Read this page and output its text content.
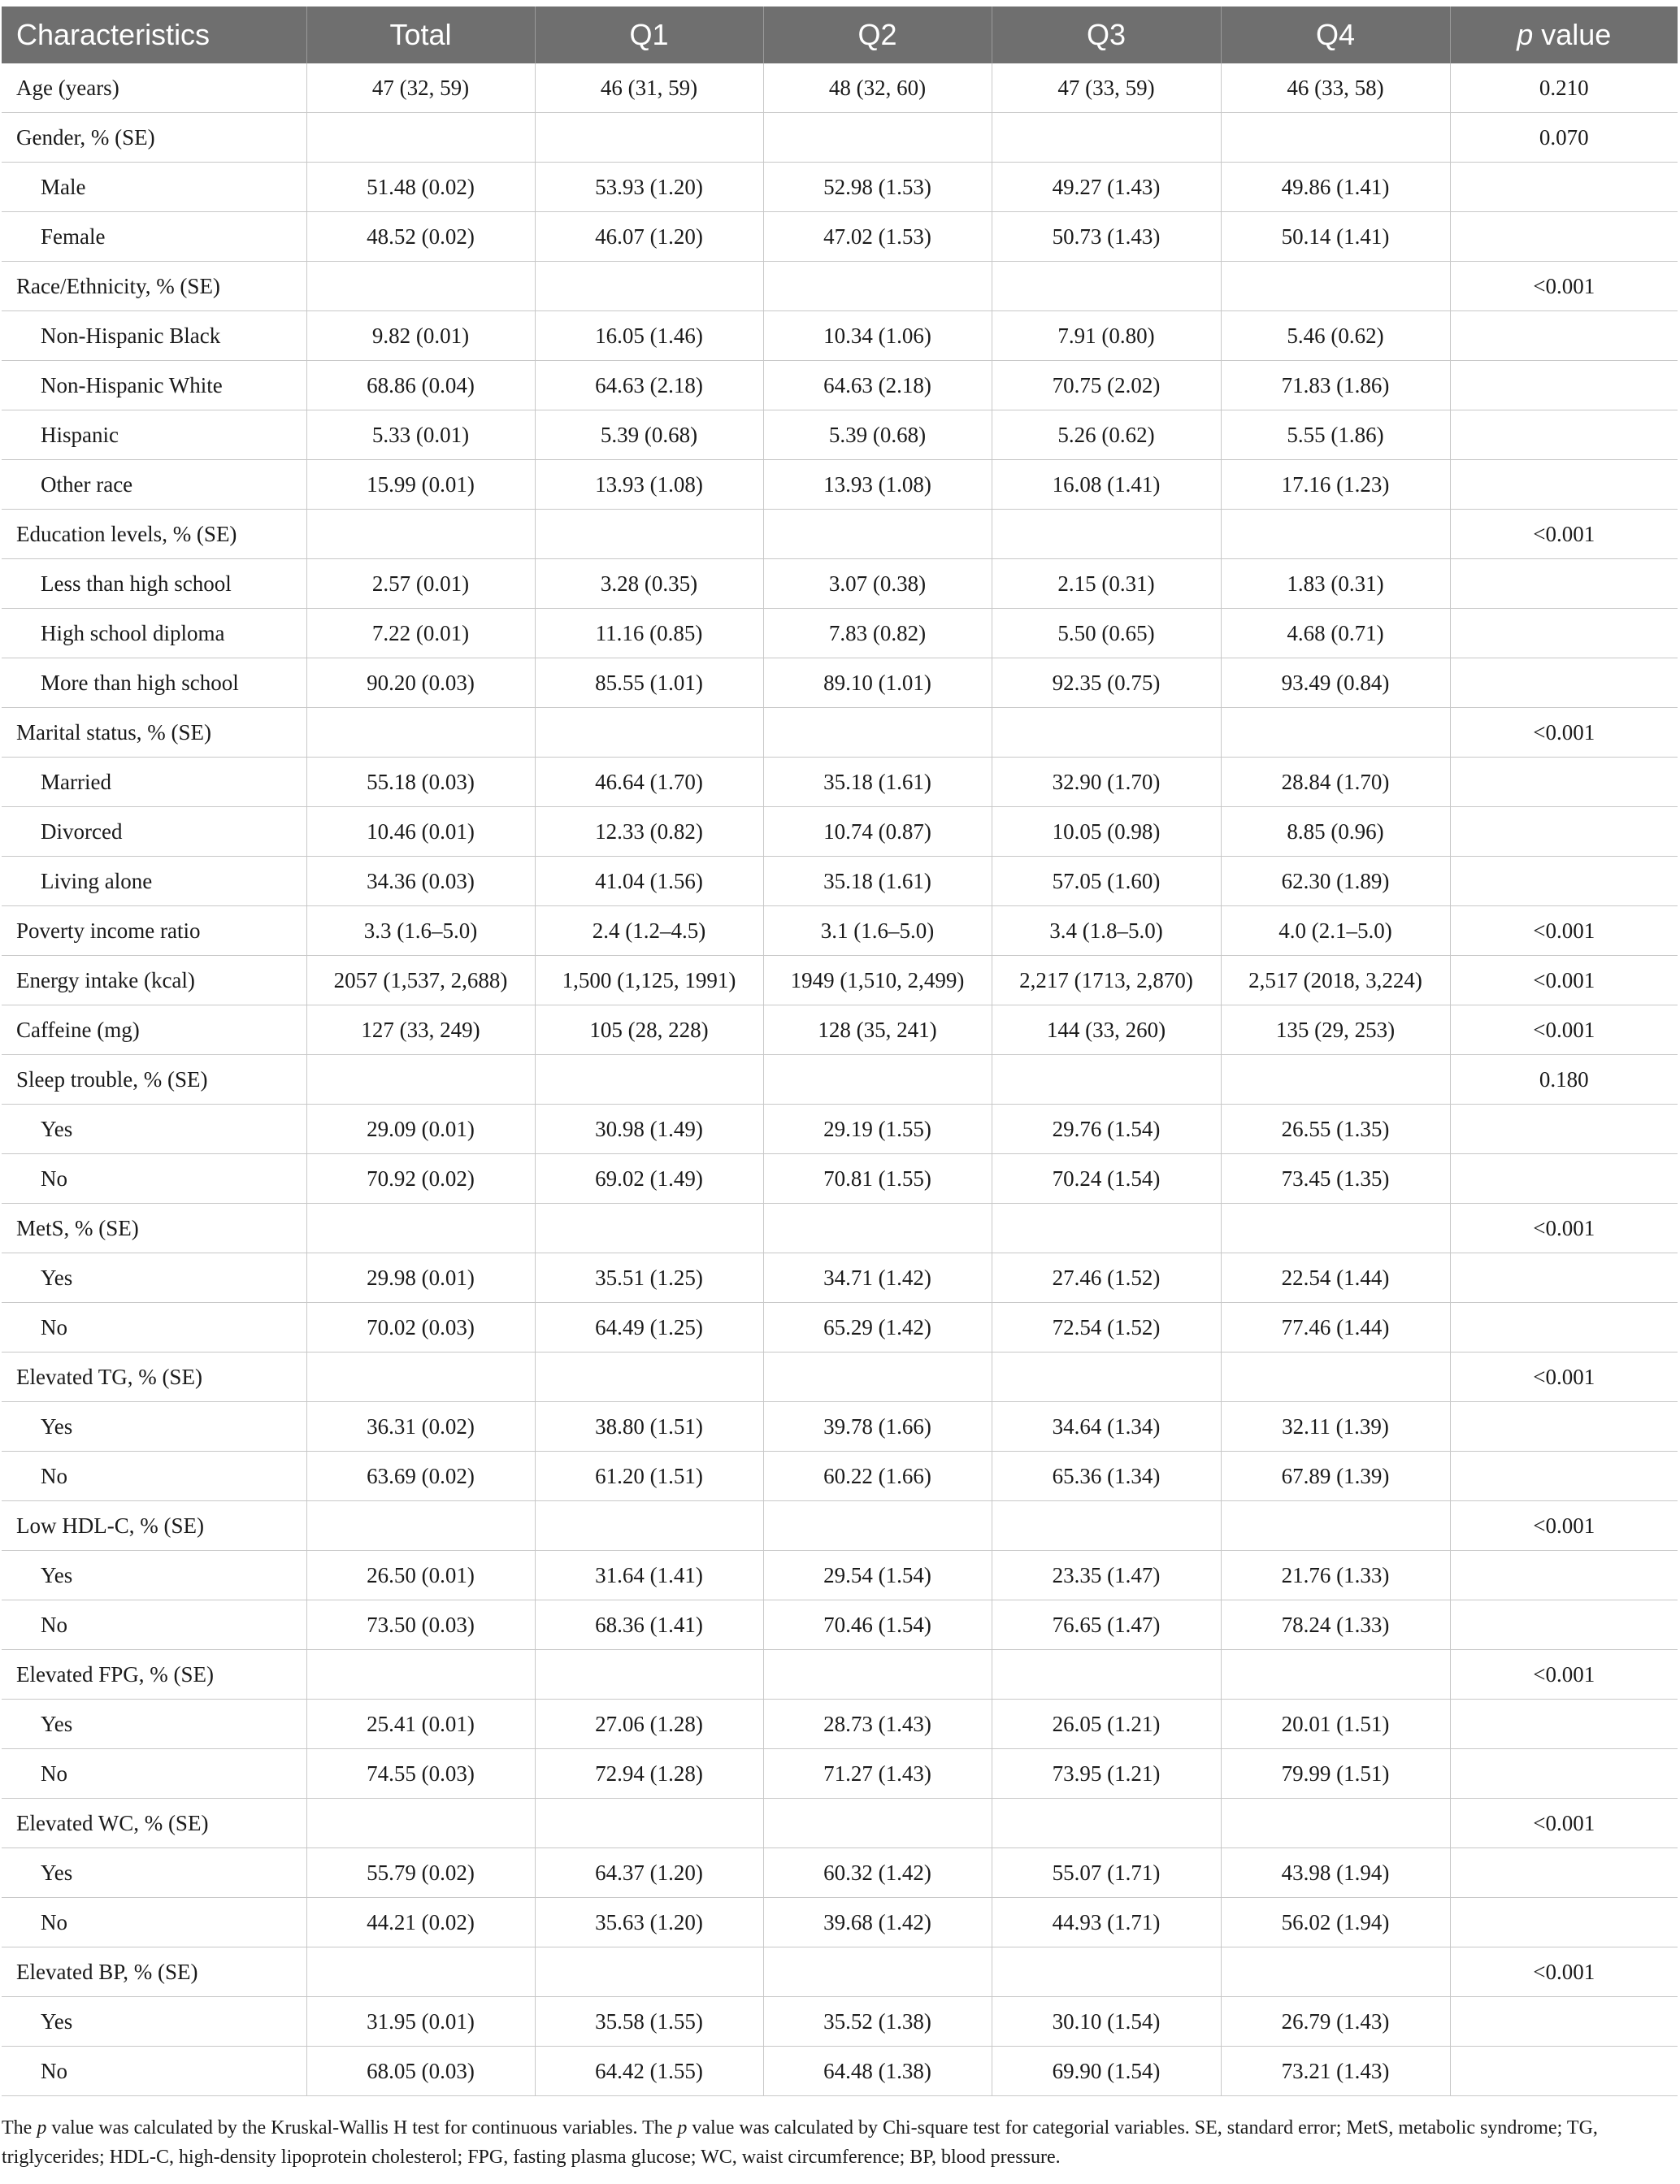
Characteristics	Total	Q1	Q2	Q3	Q4	p value
Age (years)	47 (32, 59)	46 (31, 59)	48 (32, 60)	47 (33, 59)	46 (33, 58)	0.210
Gender, % (SE)						0.070
Male	51.48 (0.02)	53.93 (1.20)	52.98 (1.53)	49.27 (1.43)	49.86 (1.41)	
Female	48.52 (0.02)	46.07 (1.20)	47.02 (1.53)	50.73 (1.43)	50.14 (1.41)	
Race/Ethnicity, % (SE)						<0.001
Non-Hispanic Black	9.82 (0.01)	16.05 (1.46)	10.34 (1.06)	7.91 (0.80)	5.46 (0.62)	
Non-Hispanic White	68.86 (0.04)	64.63 (2.18)	64.63 (2.18)	70.75 (2.02)	71.83 (1.86)	
Hispanic	5.33 (0.01)	5.39 (0.68)	5.39 (0.68)	5.26 (0.62)	5.55 (1.86)	
Other race	15.99 (0.01)	13.93 (1.08)	13.93 (1.08)	16.08 (1.41)	17.16 (1.23)	
Education levels, % (SE)						<0.001
Less than high school	2.57 (0.01)	3.28 (0.35)	3.07 (0.38)	2.15 (0.31)	1.83 (0.31)	
High school diploma	7.22 (0.01)	11.16 (0.85)	7.83 (0.82)	5.50 (0.65)	4.68 (0.71)	
More than high school	90.20 (0.03)	85.55 (1.01)	89.10 (1.01)	92.35 (0.75)	93.49 (0.84)	
Marital status, % (SE)						<0.001
Married	55.18 (0.03)	46.64 (1.70)	35.18 (1.61)	32.90 (1.70)	28.84 (1.70)	
Divorced	10.46 (0.01)	12.33 (0.82)	10.74 (0.87)	10.05 (0.98)	8.85 (0.96)	
Living alone	34.36 (0.03)	41.04 (1.56)	35.18 (1.61)	57.05 (1.60)	62.30 (1.89)	
Poverty income ratio	3.3 (1.6–5.0)	2.4 (1.2–4.5)	3.1 (1.6–5.0)	3.4 (1.8–5.0)	4.0 (2.1–5.0)	<0.001
Energy intake (kcal)	2057 (1,537, 2,688)	1,500 (1,125, 1991)	1949 (1,510, 2,499)	2,217 (1713, 2,870)	2,517 (2018, 3,224)	<0.001
Caffeine (mg)	127 (33, 249)	105 (28, 228)	128 (35, 241)	144 (33, 260)	135 (29, 253)	<0.001
Sleep trouble, % (SE)						0.180
Yes	29.09 (0.01)	30.98 (1.49)	29.19 (1.55)	29.76 (1.54)	26.55 (1.35)	
No	70.92 (0.02)	69.02 (1.49)	70.81 (1.55)	70.24 (1.54)	73.45 (1.35)	
MetS, % (SE)						<0.001
Yes	29.98 (0.01)	35.51 (1.25)	34.71 (1.42)	27.46 (1.52)	22.54 (1.44)	
No	70.02 (0.03)	64.49 (1.25)	65.29 (1.42)	72.54 (1.52)	77.46 (1.44)	
Elevated TG, % (SE)						<0.001
Yes	36.31 (0.02)	38.80 (1.51)	39.78 (1.66)	34.64 (1.34)	32.11 (1.39)	
No	63.69 (0.02)	61.20 (1.51)	60.22 (1.66)	65.36 (1.34)	67.89 (1.39)	
Low HDL-C, % (SE)						<0.001
Yes	26.50 (0.01)	31.64 (1.41)	29.54 (1.54)	23.35 (1.47)	21.76 (1.33)	
No	73.50 (0.03)	68.36 (1.41)	70.46 (1.54)	76.65 (1.47)	78.24 (1.33)	
Elevated FPG, % (SE)						<0.001
Yes	25.41 (0.01)	27.06 (1.28)	28.73 (1.43)	26.05 (1.21)	20.01 (1.51)	
No	74.55 (0.03)	72.94 (1.28)	71.27 (1.43)	73.95 (1.21)	79.99 (1.51)	
Elevated WC, % (SE)						<0.001
Yes	55.79 (0.02)	64.37 (1.20)	60.32 (1.42)	55.07 (1.71)	43.98 (1.94)	
No	44.21 (0.02)	35.63 (1.20)	39.68 (1.42)	44.93 (1.71)	56.02 (1.94)	
Elevated BP, % (SE)						<0.001
Yes	31.95 (0.01)	35.58 (1.55)	35.52 (1.38)	30.10 (1.54)	26.79 (1.43)	
No	68.05 (0.03)	64.42 (1.55)	64.48 (1.38)	69.90 (1.54)	73.21 (1.43)	
The p value was calculated by the Kruskal-Wallis H test for continuous variables. The p value was calculated by Chi-square test for categorial variables. SE, standard error; MetS, metabolic syndrome; TG, triglycerides; HDL-C, high-density lipoprotein cholesterol; FPG, fasting plasma glucose; WC, waist circumference; BP, blood pressure.
